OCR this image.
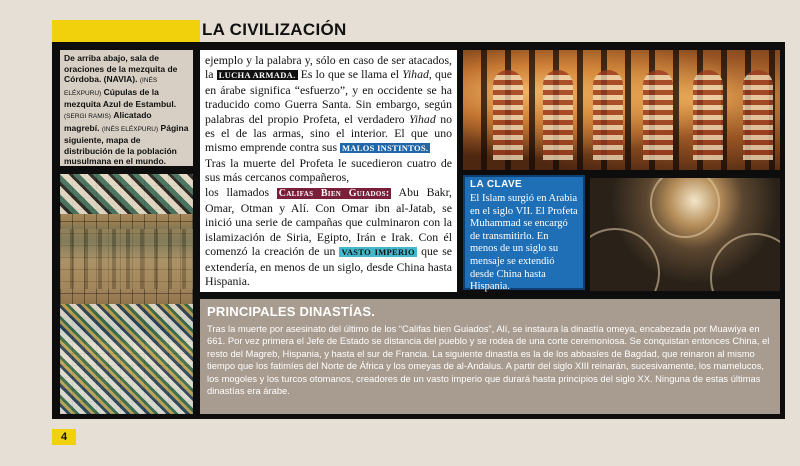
LA CIVILIZACIÓN
De arriba abajo, sala de oraciones de la mezquita de Córdoba. (NAVIA). (INÉS ELÉXPURU) Cúpulas de la mezquita Azul de Estambul. (SERGI RAMIS) Alicatado magrebí. (INÉS ELÉXPURU) Página siguiente, mapa de distribución de la población musulmana en el mundo.
ejemplo y la palabra y, sólo en caso de ser atacados, la LUCHA ARMADA. Es lo que se llama el Yihad, que en árabe significa “esfuerzo”, y en occidente se ha traducido como Guerra Santa. Sin embargo, según palabras del propio Profeta, el verdadero Yihad no es el de las armas, sino el interior. El que uno mismo emprende contra sus MALOS INSTINTOS.
Tras la muerte del Profeta le sucedieron cuatro de sus más cercanos compañeros,
los llamados Califas Bien Guiados: Abu Bakr, Omar, Otman y Alí. Con Omar ibn al-Jatab, se inició una serie de campañas que culminaron con la islamización de Siria, Egipto, Irán e Irak. Con él comenzó la creación de un VASTO IMPERIO que se extendería, en menos de un siglo, desde China hasta Hispania.
LA CLAVE
El Islam surgió en Arabia en el siglo VII. El Profeta Muhammad se encargó de transmitirlo. En menos de un siglo su mensaje se extendió desde China hasta Hispania.
PRINCIPALES DINASTÍAS.
Tras la muerte por asesinato del último de los “Califas bien Guiados”, Alí, se instaura la dinastía omeya, encabezada por Muawiya en 661. Por vez primera el Jefe de Estado se distancia del pueblo y se rodea de una corte ceremoniosa. Se conquistan entonces China, el resto del Magreb, Hispania, y hasta el sur de Francia. La siguiente dinastía es la de los abbasíes de Bagdad, que reinaron al mismo tiempo que los fatimíes del Norte de África y los omeyas de al-Andalus. A partir del siglo XIII reinarán, sucesivamente, los mamelucos, los mogoles y los turcos otomanos, creadores de un vasto imperio que durará hasta principios del siglo XX. Ninguna de estas últimas dinastías era árabe.
4
